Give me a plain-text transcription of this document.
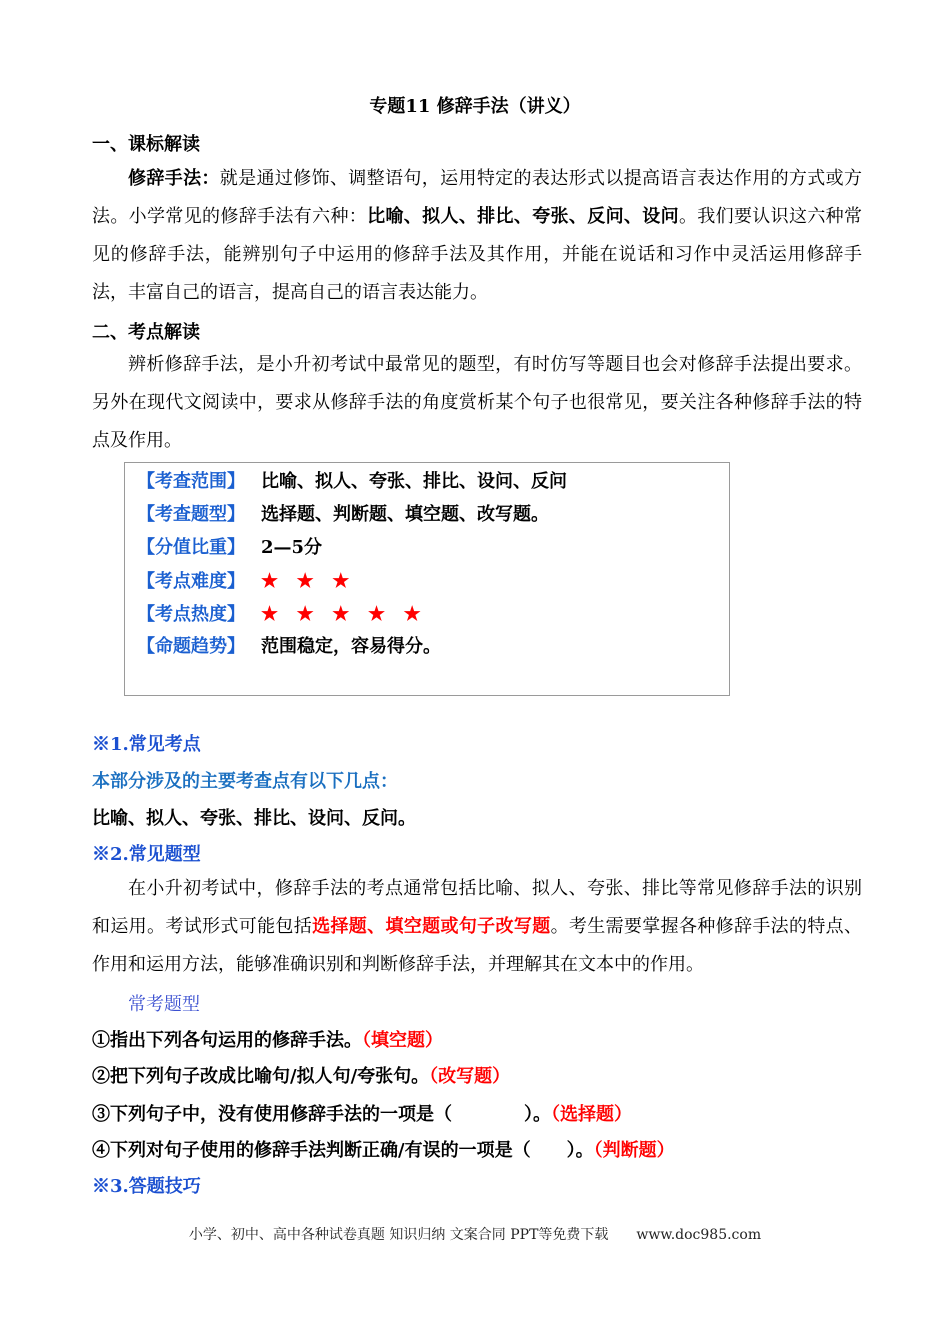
专题11 修辞手法（讲义）
一、课标解读

修辞手法：就是通过修饰、调整语句，运用特定的表达形式以提高语言表达作用的方式或方法。小学常见的修辞手法有六种：比喻、拟人、排比、夸张、反问、设问。我们要认识这六种常见的修辞手法，能辨别句子中运用的修辞手法及其作用，并能在说话和习作中灵活运用修辞手法，丰富自己的语言，提高自己的语言表达能力。

二、考点解读

辨析修辞手法，是小升初考试中最常见的题型，有时仿写等题目也会对修辞手法提出要求。另外在现代文阅读中，要求从修辞手法的角度赏析某个句子也很常见，要关注各种修辞手法的特点及作用。

【考查范围】 比喻、拟人、夸张、排比、设问、反问
【考查题型】 选择题、判断题、填空题、改写题。
【分值比重】 2—5分
【考点难度】 ★ ★ ★
【考点热度】 ★ ★ ★ ★ ★
【命题趋势】 范围稳定，容易得分。
※1.常见考点
本部分涉及的主要考查点有以下几点：
比喻、拟人、夸张、排比、设问、反问。
※2.常见题型

在小升初考试中，修辞手法的考点通常包括比喻、拟人、夸张、排比等常见修辞手法的识别和运用。考试形式可能包括选择题、填空题或句子改写题。考生需要掌握各种修辞手法的特点、作用和运用方法，能够准确识别和判断修辞手法，并理解其在文本中的作用。

常考题型
①指出下列各句运用的修辞手法。（填空题）
②把下列句子改成比喻句/拟人句/夸张句。（改写题）
③下列句子中，没有使用修辞手法的一项是（　　　　）。（选择题）
④下列对句子使用的修辞手法判断正确/有误的一项是（　　）。（判断题）
※3.答题技巧
小学、初中、高中各种试卷真题 知识归纳 文案合同 PPT等免费下载　　www.doc985.com
